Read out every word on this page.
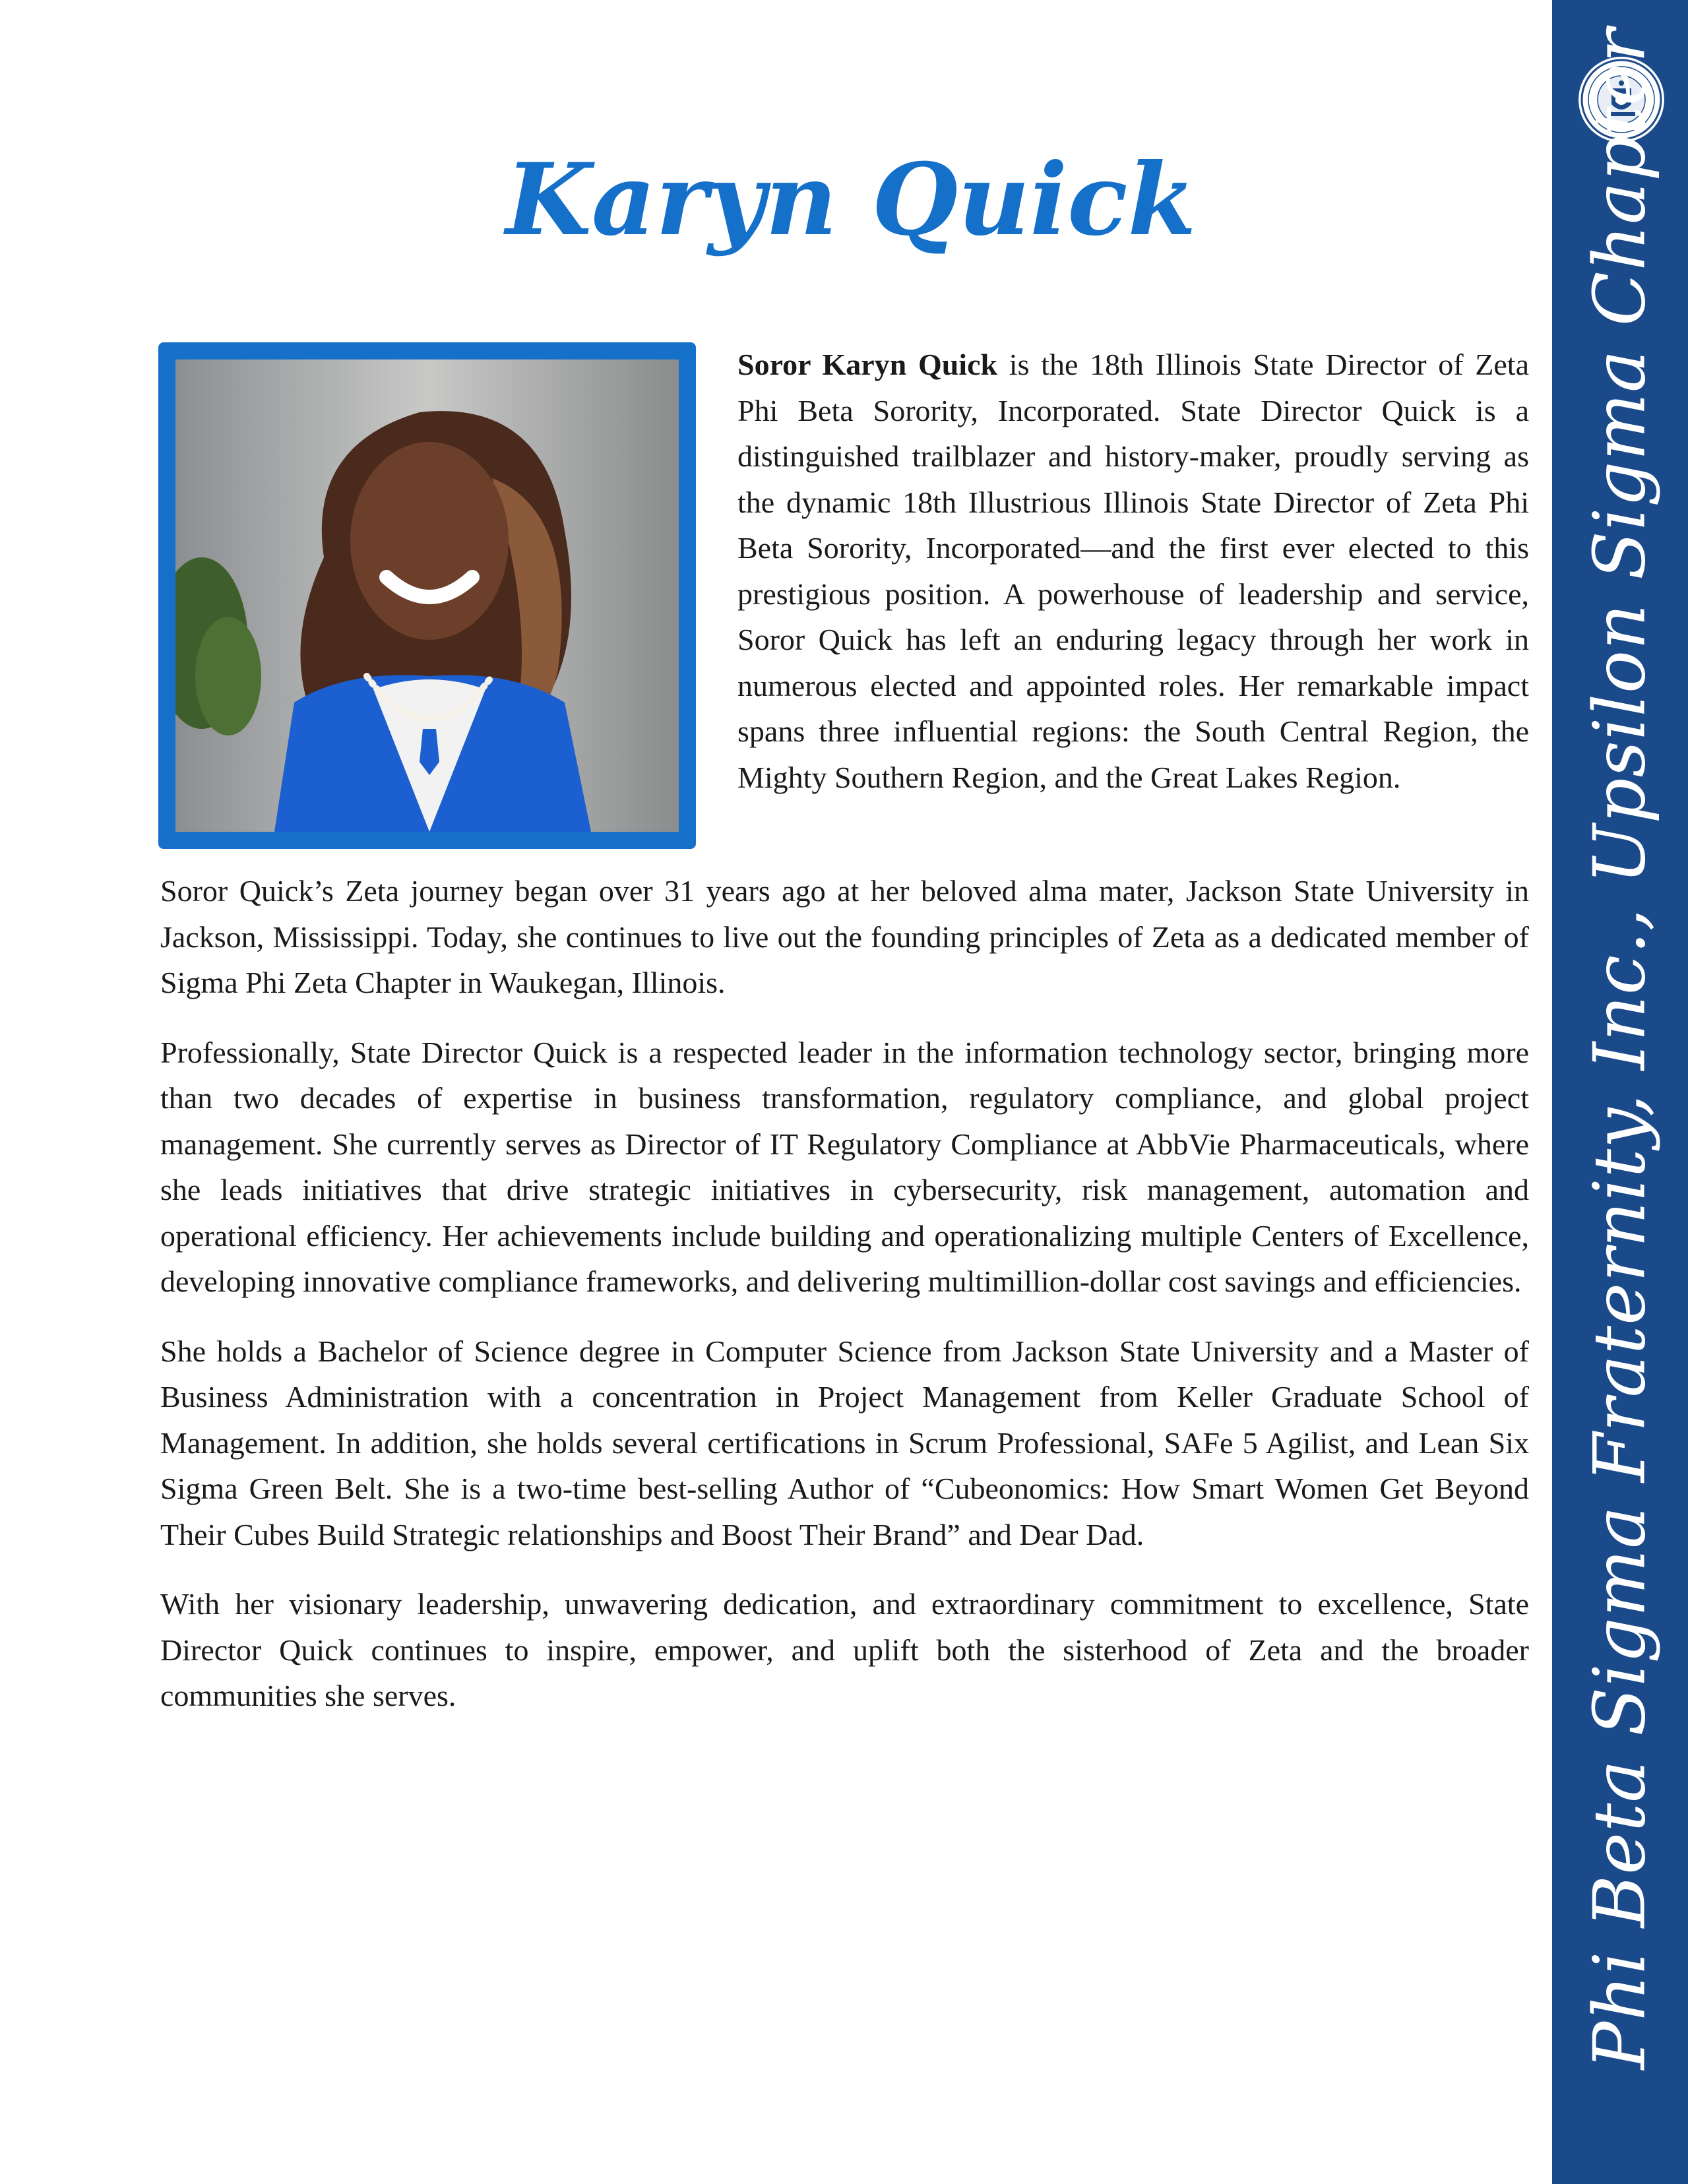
Phi Beta Sigma Fraternity, Inc., Upsilon Sigma Chapter
Karyn Quick

Soror Karyn Quick is the 18th Illinois State Director of Zeta Phi Beta Sorority, Incorporated. State Director Quick is a distinguished trailblazer and history-maker, proudly serving as the dynamic 18th Illustrious Illinois State Director of Zeta Phi Beta Sorority, Incorporated—and the first ever elected to this prestigious position. A powerhouse of leadership and service, Soror Quick has left an enduring legacy through her work in numerous elected and appointed roles. Her remarkable impact spans three influential regions: the South Central Region, the Mighty Southern Region, and the Great Lakes Region.

Soror Quick’s Zeta journey began over 31 years ago at her beloved alma mater, Jackson State University in Jackson, Mississippi. Today, she continues to live out the founding principles of Zeta as a dedicated member of Sigma Phi Zeta Chapter in Waukegan, Illinois.

Professionally, State Director Quick is a respected leader in the information technology sector, bringing more than two decades of expertise in business transformation, regulatory compliance, and global project management. She currently serves as Director of IT Regulatory Compliance at AbbVie Pharmaceuticals, where she leads initiatives that drive strategic initiatives in cybersecurity, risk management, automation and operational efficiency. Her achievements include building and operationalizing multiple Centers of Excellence, developing innovative compliance frameworks, and delivering multimillion-dollar cost savings and efficiencies.

She holds a Bachelor of Science degree in Computer Science from Jackson State University and a Master of Business Administration with a concentration in Project Management from Keller Graduate School of Management. In addition, she holds several certifications in Scrum Professional, SAFe 5 Agilist, and Lean Six Sigma Green Belt. She is a two-time best-selling Author of “Cubeonomics: How Smart Women Get Beyond Their Cubes Build Strategic relationships and Boost Their Brand” and Dear Dad.

With her visionary leadership, unwavering dedication, and extraordinary commitment to excellence, State Director Quick continues to inspire, empower, and uplift both the sisterhood of Zeta and the broader communities she serves.
